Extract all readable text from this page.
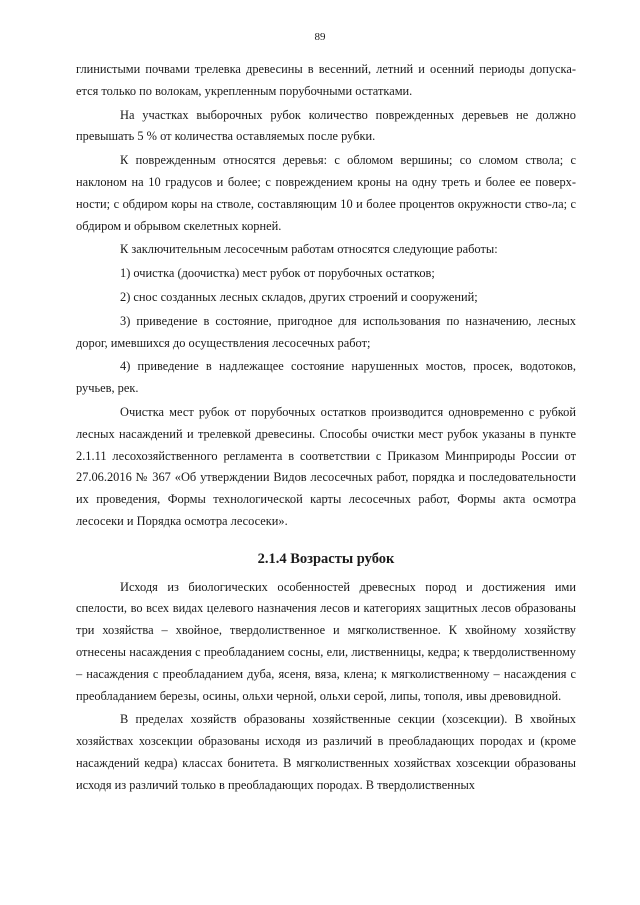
89

глинистыми почвами трелевка древесины в весенний, летний и осенний периоды допуска-ется только по волокам, укрепленным порубочными остатками.

На участках выборочных рубок количество поврежденных деревьев не должно превышать 5 % от количества оставляемых после рубки.

К поврежденным относятся деревья: с обломом вершины; со сломом ствола; с наклоном на 10 градусов и более; с повреждением кроны на одну треть и более ее поверх-ности; с обдиром коры на стволе, составляющим 10 и более процентов окружности ство-ла; с обдиром и обрывом скелетных корней.

К заключительным лесосечным работам относятся следующие работы:

1) очистка (доочистка) мест рубок от порубочных остатков;

2) снос созданных лесных складов, других строений и сооружений;

3) приведение в состояние, пригодное для использования по назначению, лесных дорог, имевшихся до осуществления лесосечных работ;

4) приведение в надлежащее состояние нарушенных мостов, просек, водотоков, ручьев, рек.

Очистка мест рубок от порубочных остатков производится одновременно с рубкой лесных насаждений и трелевкой древесины. Способы очистки мест рубок указаны в пункте 2.1.11 лесохозяйственного регламента в соответствии с Приказом Минприроды России от 27.06.2016 № 367 «Об утверждении Видов лесосечных работ, порядка и последовательности их проведения, Формы технологической карты лесосечных работ, Формы акта осмотра лесосеки и Порядка осмотра лесосеки».

2.1.4 Возрасты рубок

Исходя из биологических особенностей древесных пород и достижения ими спелости, во всех видах целевого назначения лесов и категориях защитных лесов образованы три хозяйства – хвойное, твердолиственное и мягколиственное. К хвойному хозяйству отнесены насаждения с преобладанием сосны, ели, лиственницы, кедра; к твердолиственному – насаждения с преобладанием дуба, ясеня, вяза, клена; к мягколиственному – насаждения с преобладанием березы, осины, ольхи черной, ольхи серой, липы, тополя, ивы древовидной.

В пределах хозяйств образованы хозяйственные секции (хозсекции). В хвойных хозяйствах хозсекции образованы исходя из различий в преобладающих породах и (кроме насаждений кедра) классах бонитета. В мягколиственных хозяйствах хозсекции образованы исходя из различий только в преобладающих породах. В твердолиственных
